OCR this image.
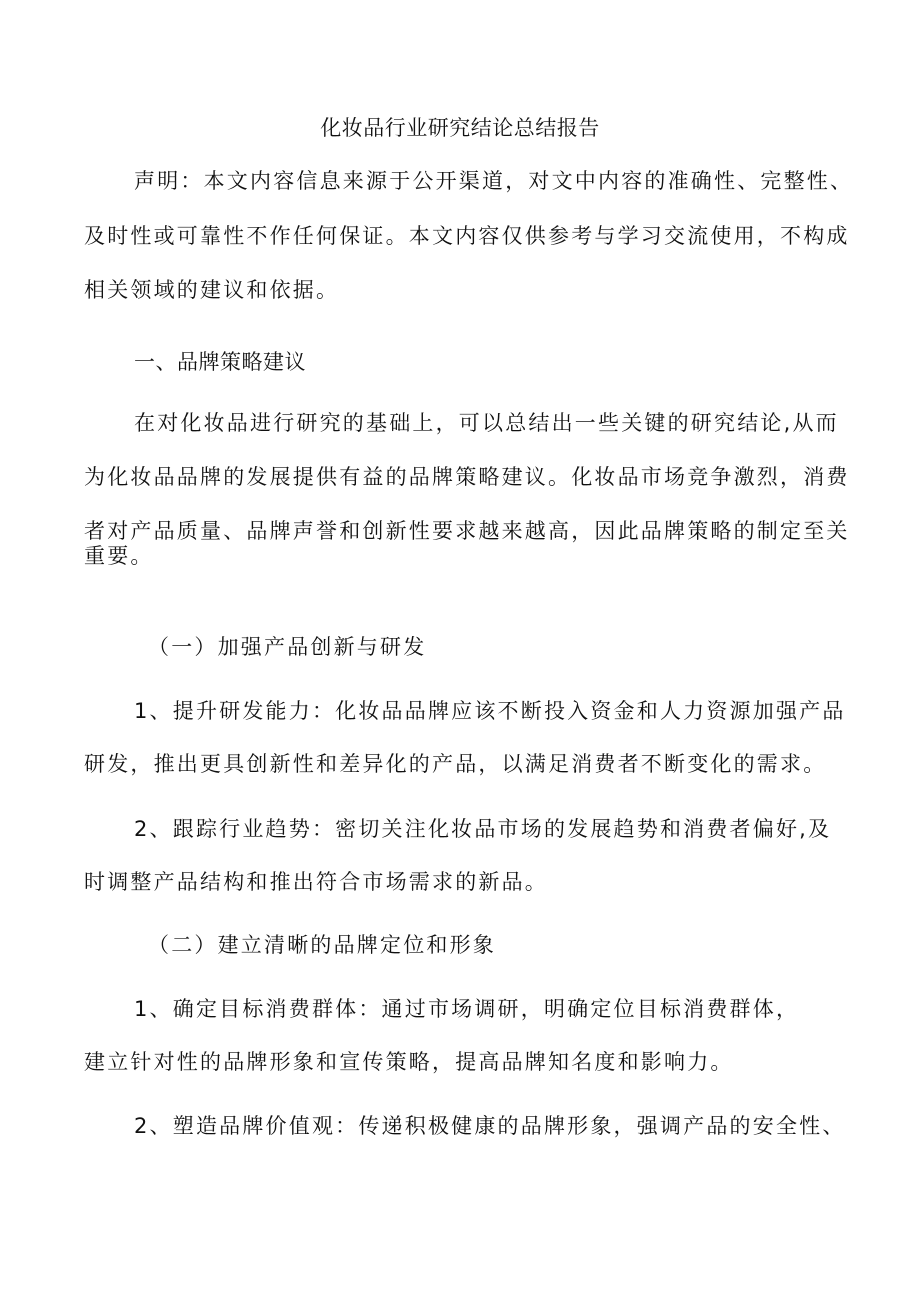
化妆品行业研究结论总结报告
声明：本文内容信息来源于公开渠道，对文中内容的准确性、完整性、
及时性或可靠性不作任何保证。本文内容仅供参考与学习交流使用，不构成
相关领域的建议和依据。
一、品牌策略建议
在对化妆品进行研究的基础上，可以总结出一些关键的研究结论,从而
为化妆品品牌的发展提供有益的品牌策略建议。化妆品市场竞争激烈，消费
者对产品质量、品牌声誉和创新性要求越来越高，因此品牌策略的制定至关
重要。
（一）加强产品创新与研发
1、提升研发能力：化妆品品牌应该不断投入资金和人力资源加强产品
研发，推出更具创新性和差异化的产品，以满足消费者不断变化的需求。
2、跟踪行业趋势：密切关注化妆品市场的发展趋势和消费者偏好,及
时调整产品结构和推出符合市场需求的新品。
（二）建立清晰的品牌定位和形象
1、确定目标消费群体：通过市场调研，明确定位目标消费群体，
建立针对性的品牌形象和宣传策略，提高品牌知名度和影响力。
2、塑造品牌价值观：传递积极健康的品牌形象，强调产品的安全性、
